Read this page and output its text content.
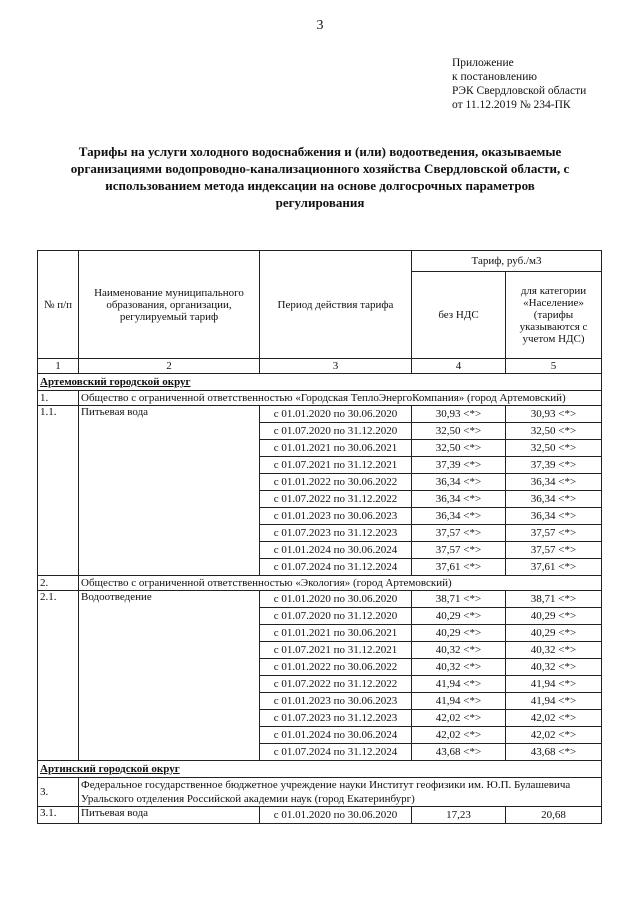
3
Приложение
к постановлению
РЭК Свердловской области
от 11.12.2019 № 234-ПК
Тарифы на услуги холодного водоснабжения и (или) водоотведения, оказываемые организациями водопроводно-канализационного хозяйства Свердловской области, с использованием метода индексации на основе долгосрочных параметров регулирования
№ п/п	Наименование муниципального образования, организации, регулируемый тариф	Период действия тарифа	Тариф, руб./м3	
			без НДС	для категории «Население» (тарифы указываются с учетом НДС)
1	2	3	4	5
Артемовский городской округ				
1.	Общество с ограниченной ответственностью «Городская ТеплоЭнергоКомпания» (город Артемовский)			
1.1.	Питьевая вода	с 01.01.2020 по 30.06.2020	30,93 <*>	30,93 <*>
		с 01.07.2020 по 31.12.2020	32,50 <*>	32,50 <*>
		с 01.01.2021 по 30.06.2021	32,50 <*>	32,50 <*>
		с 01.07.2021 по 31.12.2021	37,39 <*>	37,39 <*>
		с 01.01.2022 по 30.06.2022	36,34 <*>	36,34 <*>
		с 01.07.2022 по 31.12.2022	36,34 <*>	36,34 <*>
		с 01.01.2023 по 30.06.2023	36,34 <*>	36,34 <*>
		с 01.07.2023 по 31.12.2023	37,57 <*>	37,57 <*>
		с 01.01.2024 по 30.06.2024	37,57 <*>	37,57 <*>
		с 01.07.2024 по 31.12.2024	37,61 <*>	37,61 <*>
2.	Общество с ограниченной ответственностью «Экология» (город Артемовский)			
2.1.	Водоотведение	с 01.01.2020 по 30.06.2020	38,71 <*>	38,71 <*>
		с 01.07.2020 по 31.12.2020	40,29 <*>	40,29 <*>
		с 01.01.2021 по 30.06.2021	40,29 <*>	40,29 <*>
		с 01.07.2021 по 31.12.2021	40,32 <*>	40,32 <*>
		с 01.01.2022 по 30.06.2022	40,32 <*>	40,32 <*>
		с 01.07.2022 по 31.12.2022	41,94 <*>	41,94 <*>
		с 01.01.2023 по 30.06.2023	41,94 <*>	41,94 <*>
		с 01.07.2023 по 31.12.2023	42,02 <*>	42,02 <*>
		с 01.01.2024 по 30.06.2024	42,02 <*>	42,02 <*>
		с 01.07.2024 по 31.12.2024	43,68 <*>	43,68 <*>
Артинский городской округ				
3.	Федеральное государственное бюджетное учреждение науки Институт геофизики им. Ю.П. Булашевича Уральского отделения Российской академии наук (город Екатеринбург)			
3.1.	Питьевая вода	с 01.01.2020 по 30.06.2020	17,23	20,68
